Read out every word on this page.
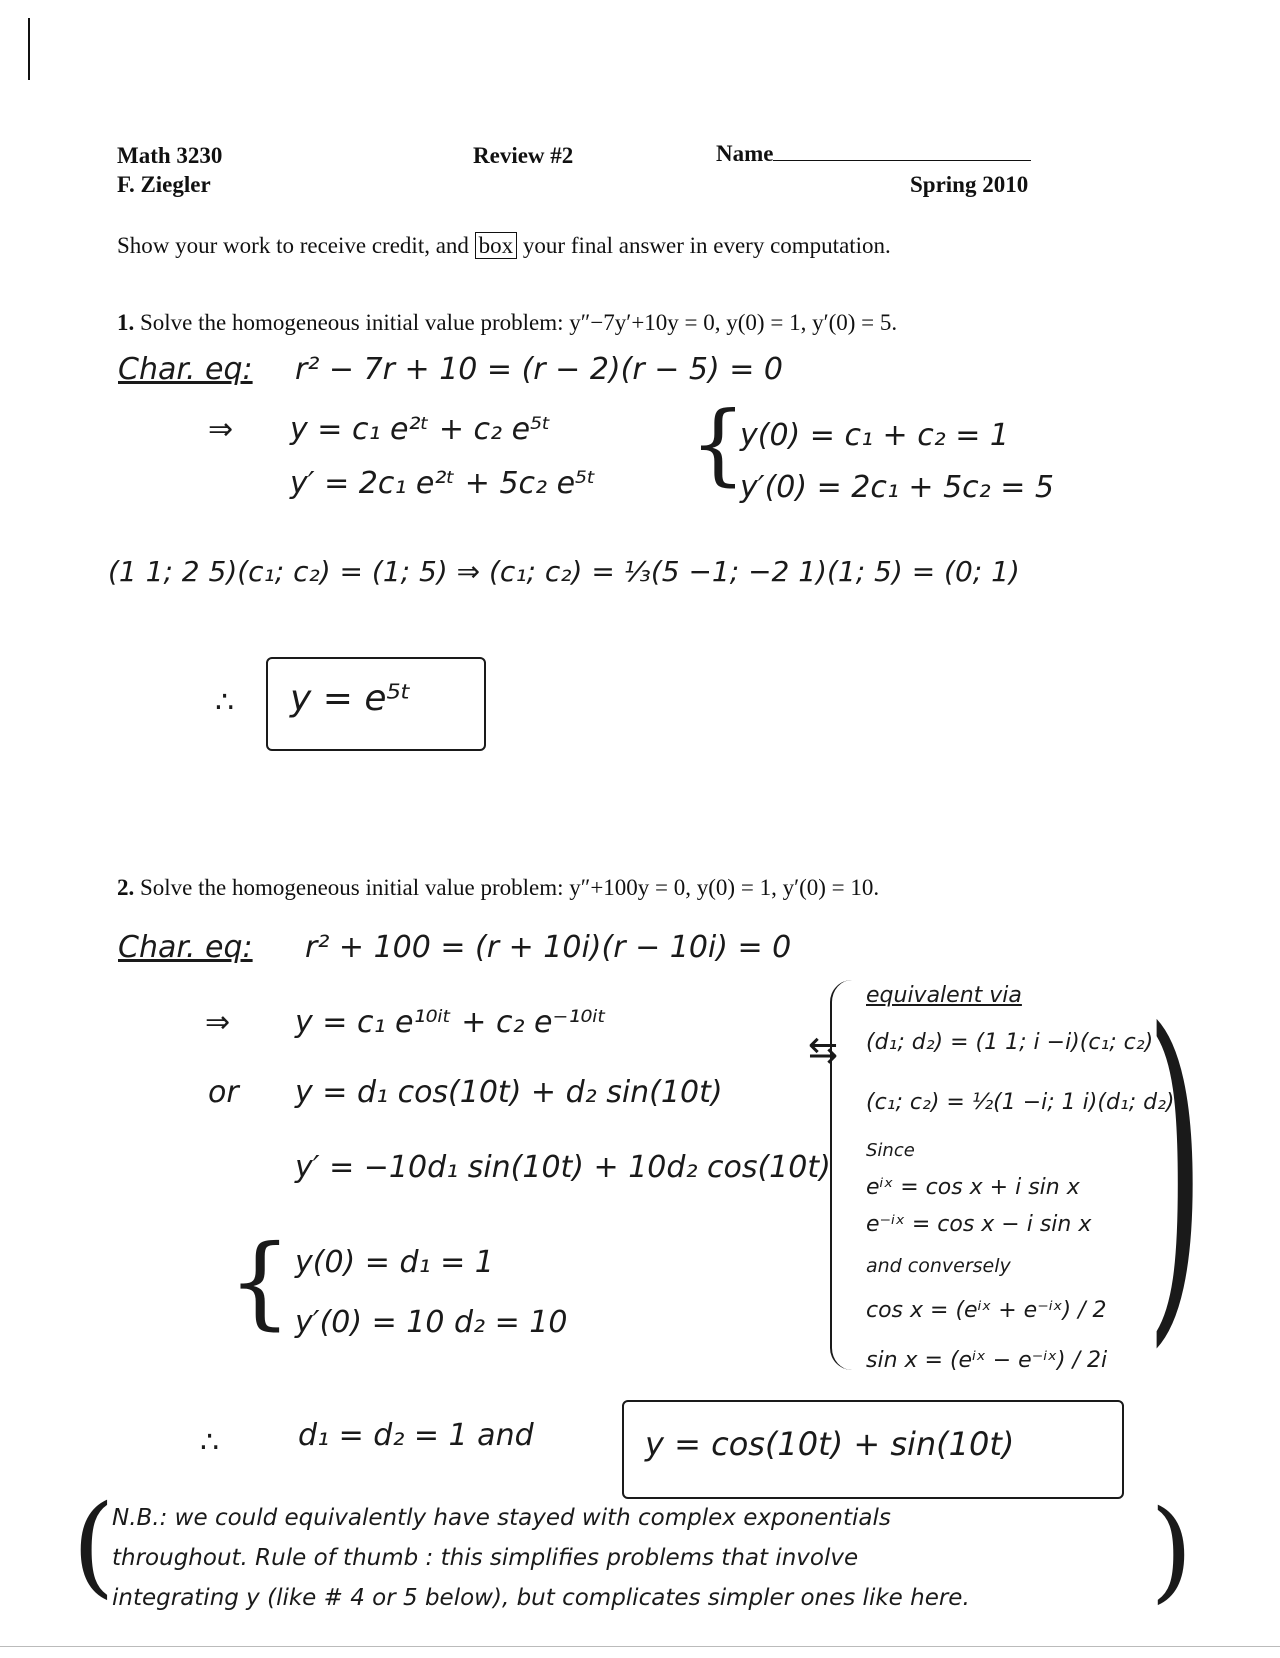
Math 3230
F. Ziegler
Review #2	Name
Spring 2010
Show your work to receive credit, and box your final answer in every computation.
1. Solve the homogeneous initial value problem: y″−7y′+10y = 0, y(0) = 1, y′(0) = 5.
Char. eq: r² − 7r + 10 = (r − 2)(r − 5) = 0
⇒ y = c₁ e²ᵗ + c₂ e⁵ᵗ
y′ = 2c₁ e²ᵗ + 5c₂ e⁵ᵗ {
y(0) = c₁ + c₂ = 1
y′(0) = 2c₁ + 5c₂ = 5
(1 1; 2 5)(c₁; c₂) = (1; 5) ⇒ (c₁; c₂) = ⅓(5 −1; −2 1)(1; 5) = (0; 1)
∴ y = e⁵ᵗ
2. Solve the homogeneous initial value problem: y″+100y = 0, y(0) = 1, y′(0) = 10.
Char. eq: r² + 100 = (r + 10i)(r − 10i) = 0
⇒ y = c₁ e¹⁰ⁱᵗ + c₂ e⁻¹⁰ⁱᵗ
or y = d₁ cos(10t) + d₂ sin(10t)
y′ = −10d₁ sin(10t) + 10d₂ cos(10t)
{ y(0) = d₁ = 1
y′(0) = 10 d₂ = 10
⇆
equivalent via
(d₁; d₂) = (1 1; i −i)(c₁; c₂)
(c₁; c₂) = ½(1 −i; 1 i)(d₁; d₂)
Since
eⁱˣ = cos x + i sin x
e⁻ⁱˣ = cos x − i sin x
and conversely
cos x = (eⁱˣ + e⁻ⁱˣ) / 2
sin x = (eⁱˣ − e⁻ⁱˣ) / 2i )
∴	d₁ = d₂ = 1 and	y = cos(10t) + sin(10t)
(
N.B.: we could equivalently have stayed with complex exponentials
throughout. Rule of thumb : this simplifies problems that involve
integrating y (like # 4 or 5 below), but complicates simpler ones like here. )
